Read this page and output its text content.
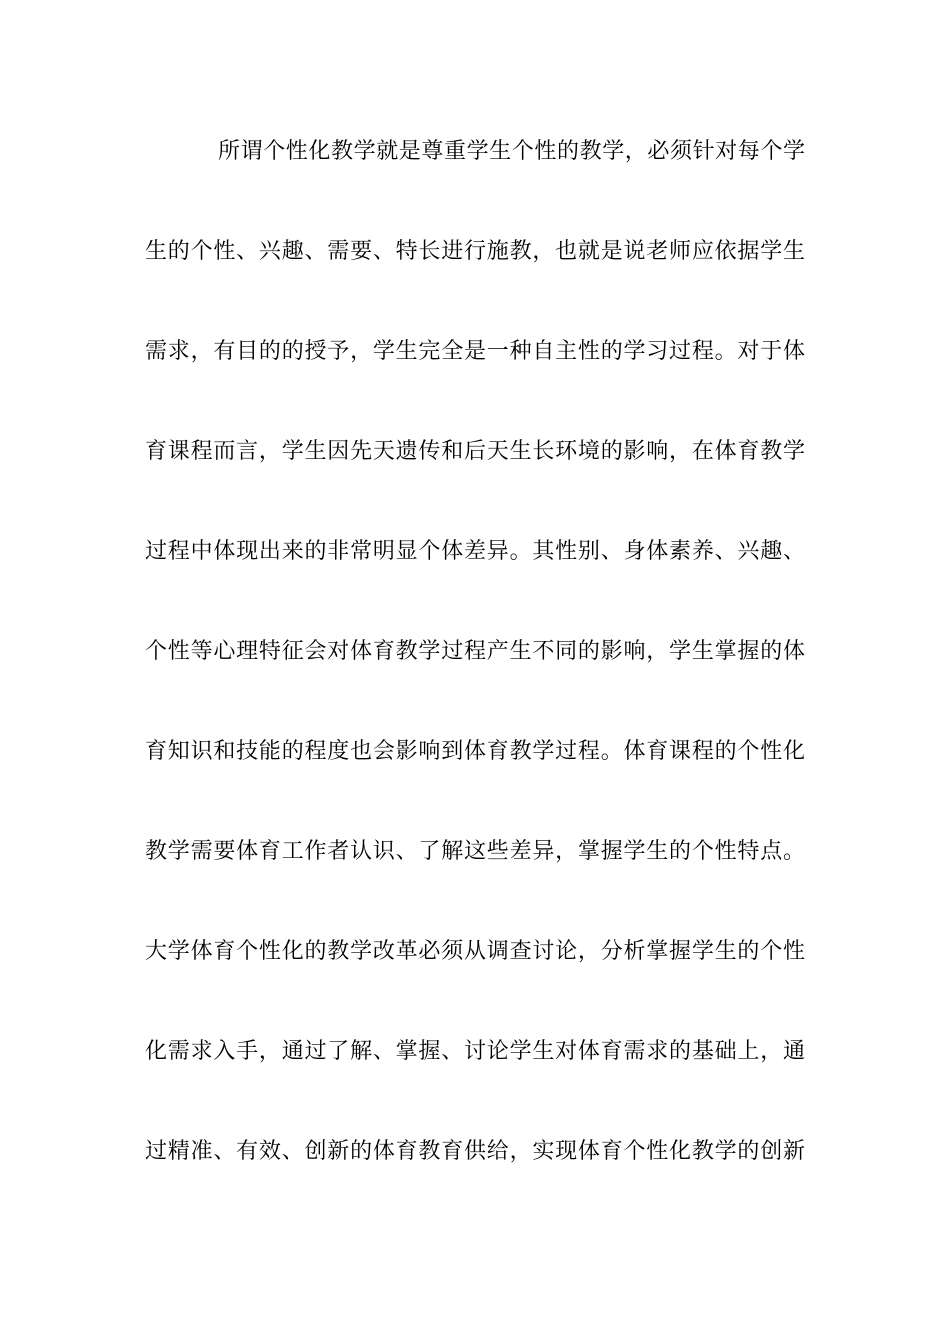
所谓个性化教学就是尊重学生个性的教学，必须针对每个学
生的个性、兴趣、需要、特长进行施教，也就是说老师应依据学生
需求，有目的的授予，学生完全是一种自主性的学习过程。对于体
育课程而言，学生因先天遗传和后天生长环境的影响，在体育教学
过程中体现出来的非常明显个体差异。其性别、身体素养、兴趣、
个性等心理特征会对体育教学过程产生不同的影响，学生掌握的体
育知识和技能的程度也会影响到体育教学过程。体育课程的个性化
教学需要体育工作者认识、了解这些差异，掌握学生的个性特点。
大学体育个性化的教学改革必须从调查讨论，分析掌握学生的个性
化需求入手，通过了解、掌握、讨论学生对体育需求的基础上，通
过精准、有效、创新的体育教育供给，实现体育个性化教学的创新
